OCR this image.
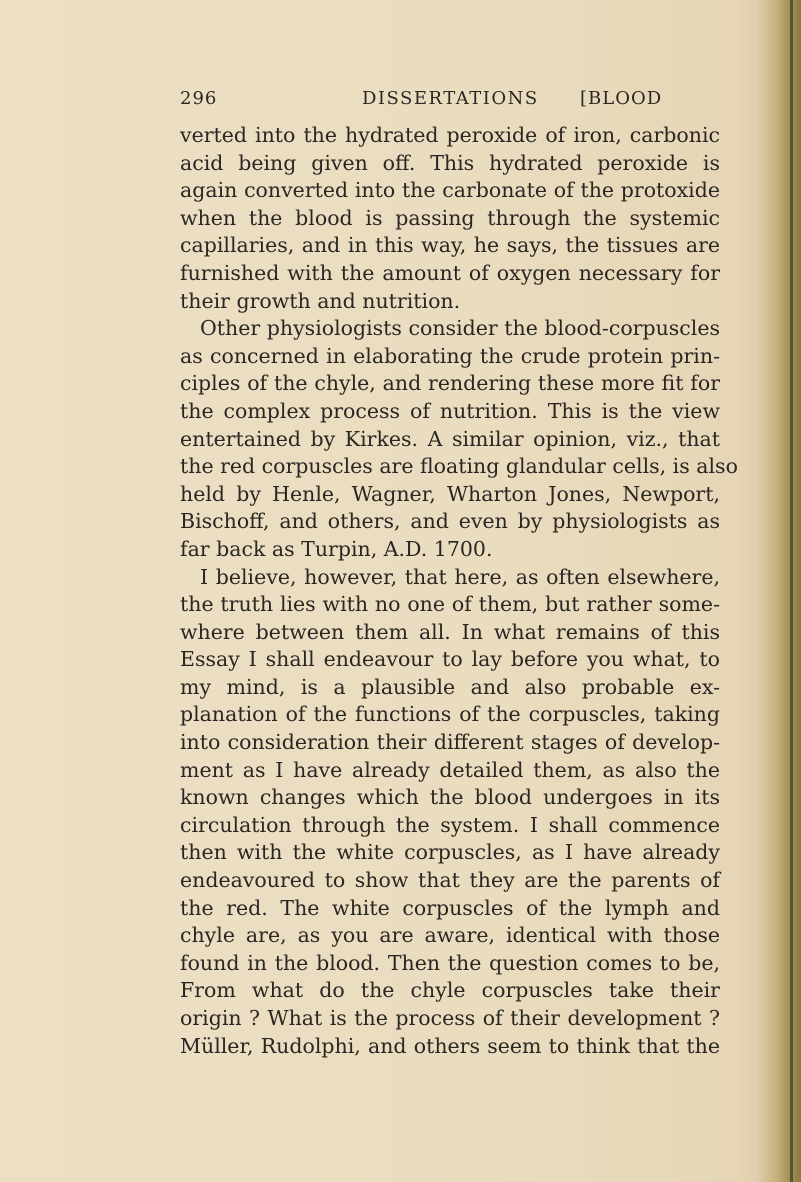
296	DISSERTATIONS [BLOOD
verted into the hydrated peroxide of iron, carbonic
acid being given off. This hydrated peroxide is
again converted into the carbonate of the protoxide
when the blood is passing through the systemic
capillaries, and in this way, he says, the tissues are
furnished with the amount of oxygen necessary for
their growth and nutrition.
Other physiologists consider the blood-corpuscles
as concerned in elaborating the crude protein prin-
ciples of the chyle, and rendering these more fit for
the complex process of nutrition. This is the view
entertained by Kirkes. A similar opinion, viz., that
the red corpuscles are floating glandular cells, is also
held by Henle, Wagner, Wharton Jones, Newport,
Bischoff, and others, and even by physiologists as
far back as Turpin, A.D. 1700.
I believe, however, that here, as often elsewhere,
the truth lies with no one of them, but rather some-
where between them all. In what remains of this
Essay I shall endeavour to lay before you what, to
my mind, is a plausible and also probable ex-
planation of the functions of the corpuscles, taking
into consideration their different stages of develop-
ment as I have already detailed them, as also the
known changes which the blood undergoes in its
circulation through the system. I shall commence
then with the white corpuscles, as I have already
endeavoured to show that they are the parents of
the red. The white corpuscles of the lymph and
chyle are, as you are aware, identical with those
found in the blood. Then the question comes to be,
From what do the chyle corpuscles take their
origin ? What is the process of their development ?
Müller, Rudolphi, and others seem to think that the
